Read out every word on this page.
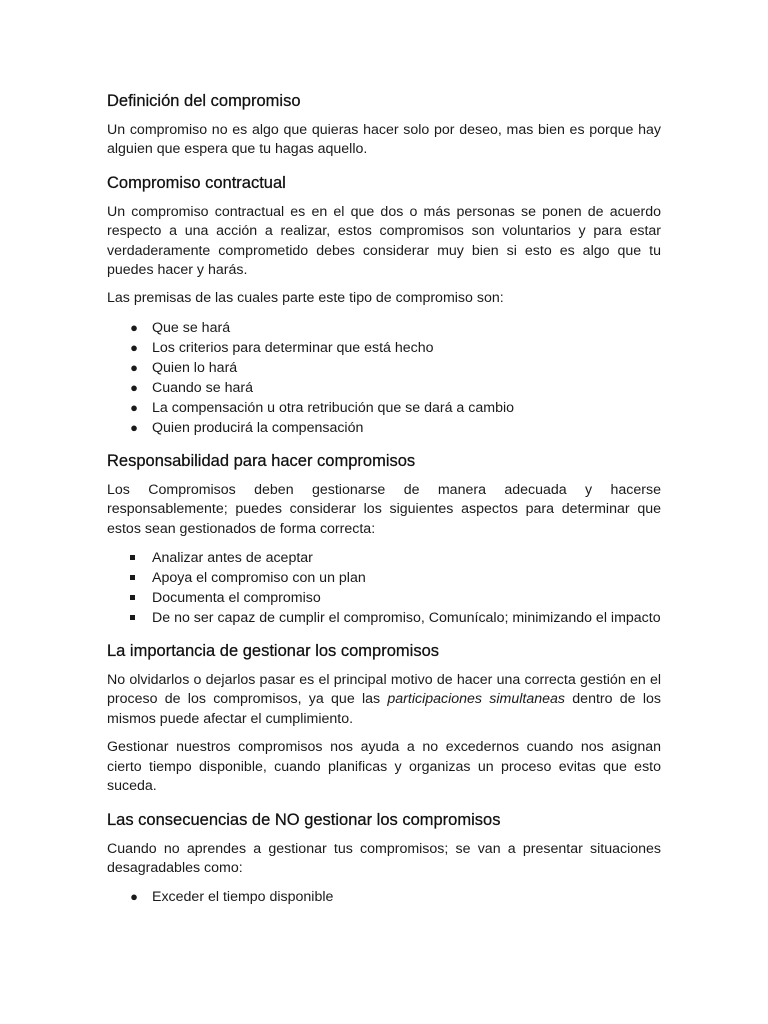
Definición del compromiso

Un compromiso no es algo que quieras hacer solo por deseo, mas bien es porque hay alguien que espera que tu hagas aquello.

Compromiso contractual

Un compromiso contractual es en el que dos o más personas se ponen de acuerdo respecto a una acción a realizar, estos compromisos son voluntarios y para estar verdaderamente comprometido debes considerar muy bien si esto es algo que tu puedes hacer y harás.

Las premisas de las cuales parte este tipo de compromiso son:

● Que se hará
● Los criterios para determinar que está hecho
● Quien lo hará
● Cuando se hará
● La compensación u otra retribución que se dará a cambio
● Quien producirá la compensación
Responsabilidad para hacer compromisos

Los Compromisos deben gestionarse de manera adecuada y hacerse responsablemente; puedes considerar los siguientes aspectos para determinar que estos sean gestionados de forma correcta:

Analizar antes de aceptar
Apoya el compromiso con un plan
Documenta el compromiso
De no ser capaz de cumplir el compromiso, Comunícalo; minimizando el impacto
La importancia de gestionar los compromisos

No olvidarlos o dejarlos pasar es el principal motivo de hacer una correcta gestión en el proceso de los compromisos, ya que las participaciones simultaneas dentro de los mismos puede afectar el cumplimiento.

Gestionar nuestros compromisos nos ayuda a no excedernos cuando nos asignan cierto tiempo disponible, cuando planificas y organizas un proceso evitas que esto suceda.

Las consecuencias de NO gestionar los compromisos

Cuando no aprendes a gestionar tus compromisos; se van a presentar situaciones desagradables como:

● Exceder el tiempo disponible
